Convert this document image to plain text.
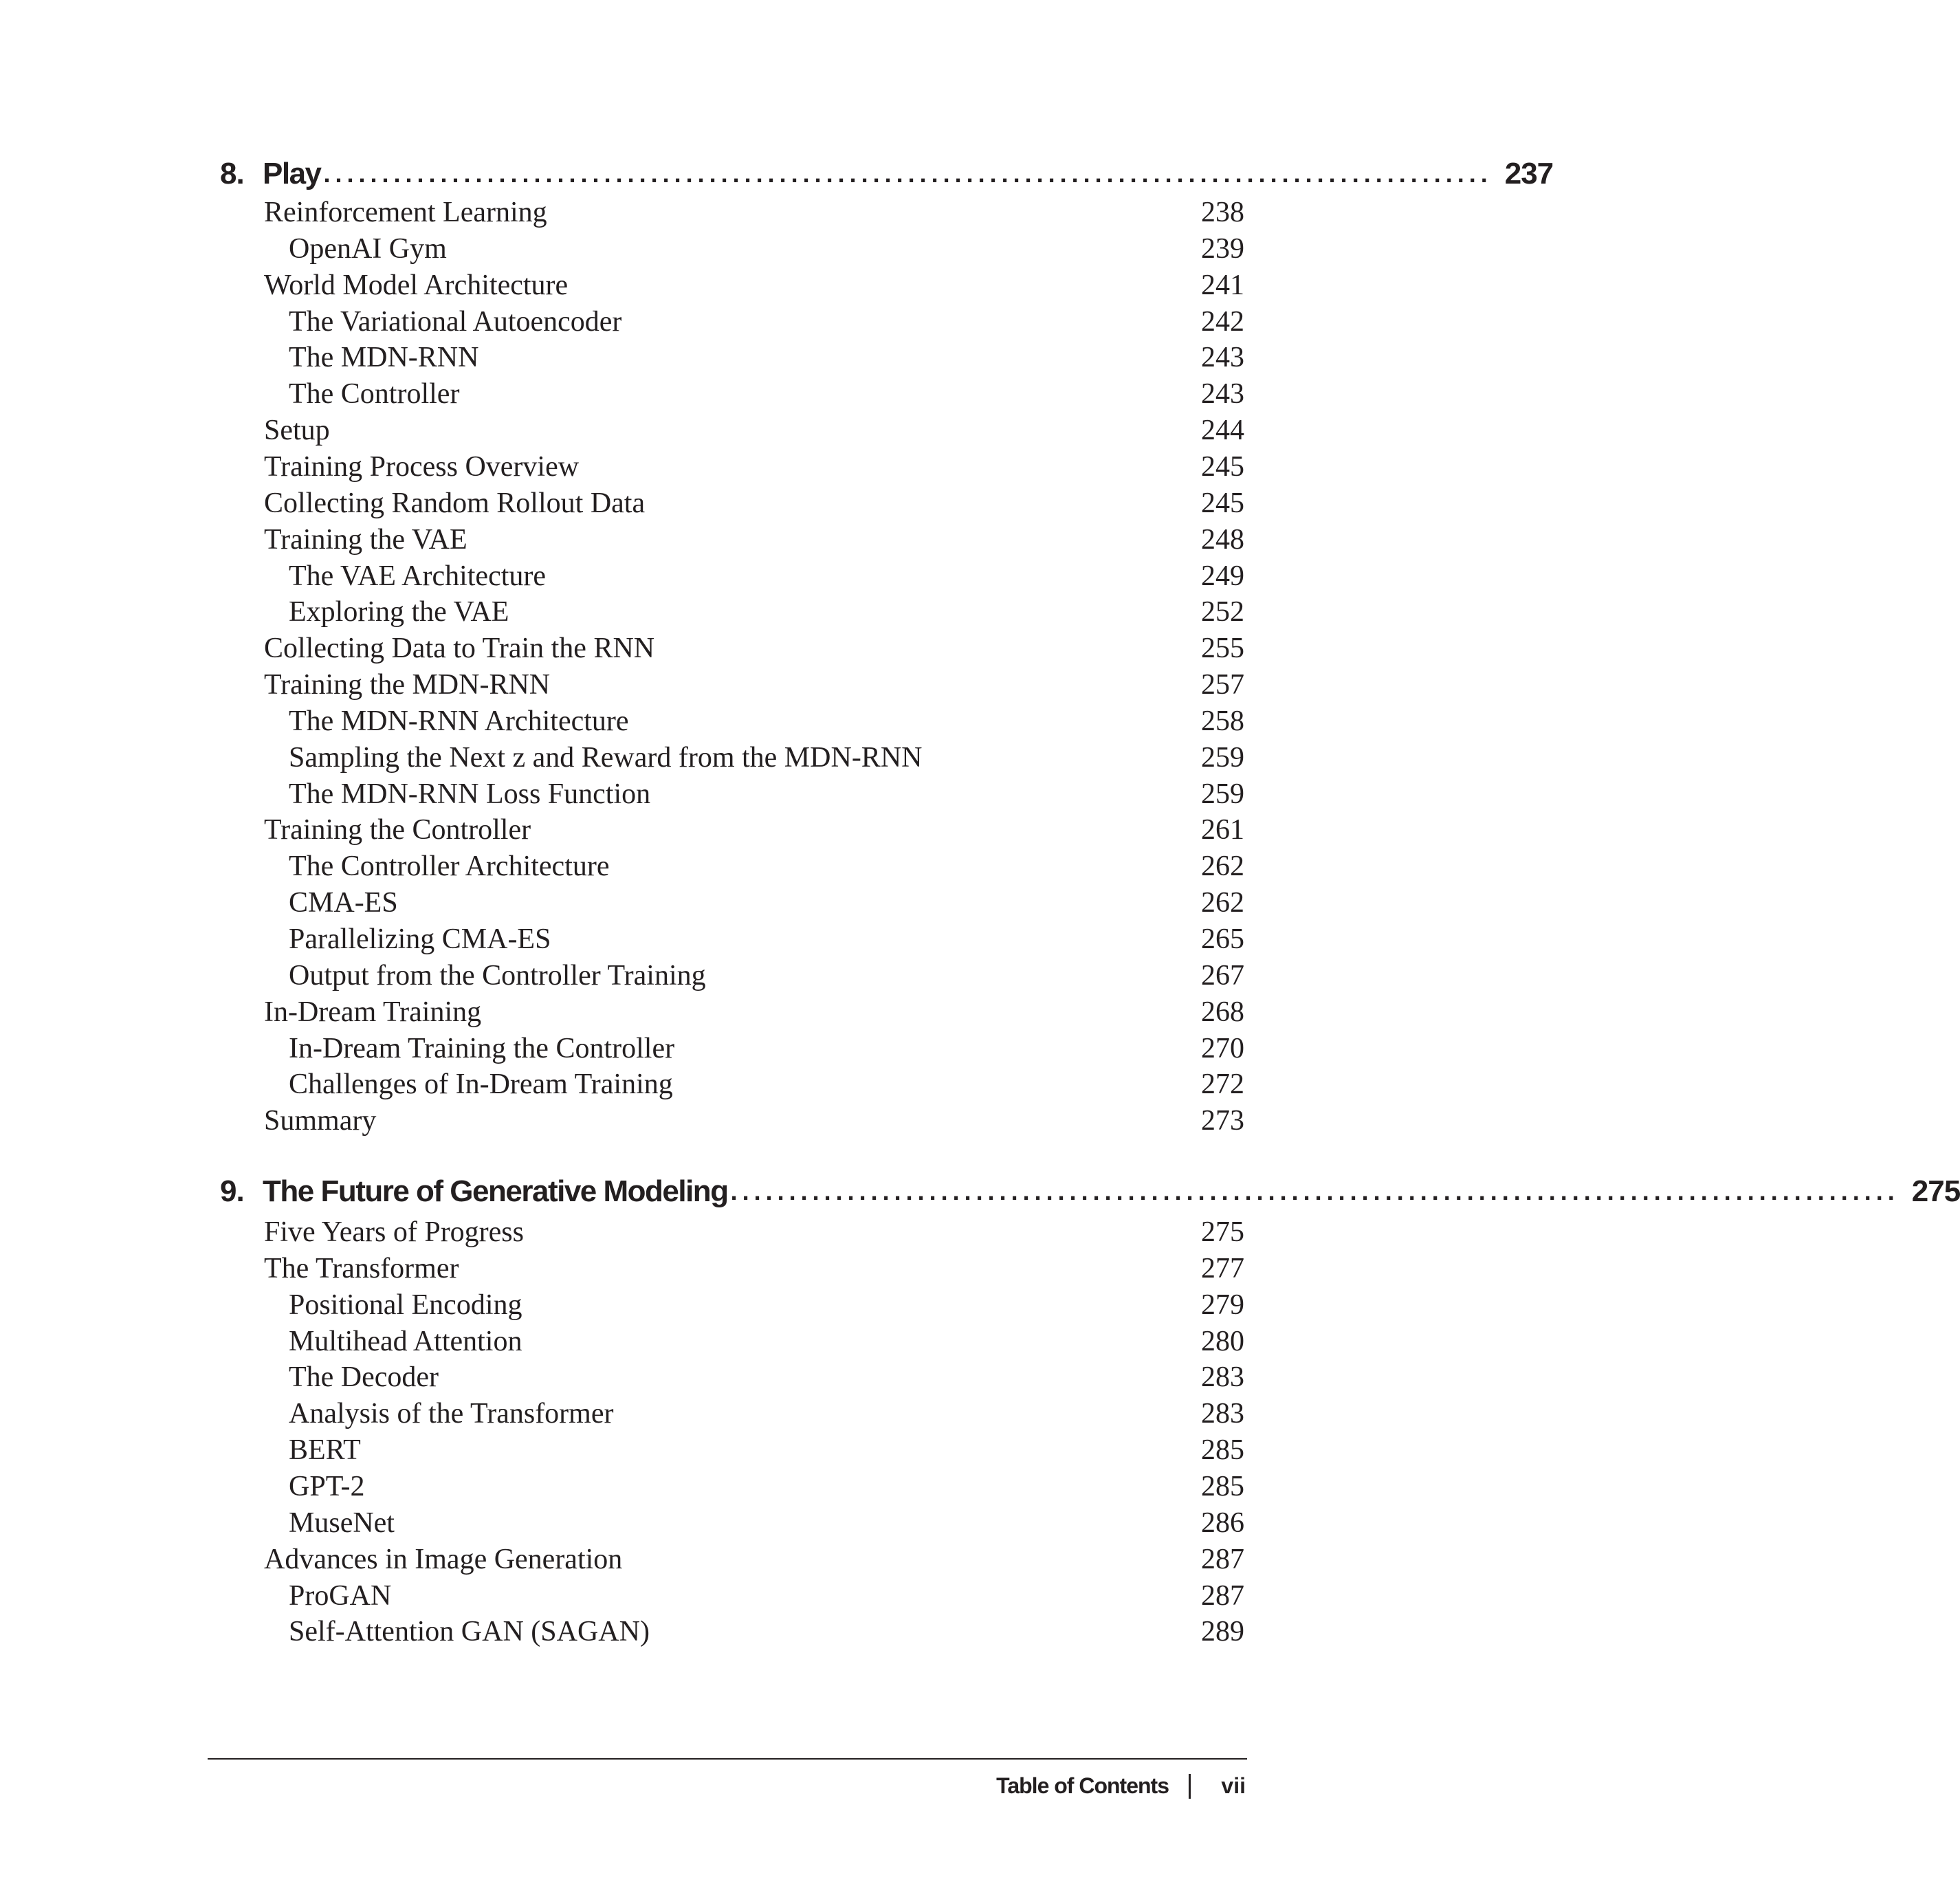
8. Play .................................................................................................... 237
Reinforcement Learning	238
OpenAI Gym	239
World Model Architecture	241
The Variational Autoencoder	242
The MDN-RNN	243
The Controller	243
Setup	244
Training Process Overview	245
Collecting Random Rollout Data	245
Training the VAE	248
The VAE Architecture	249
Exploring the VAE	252
Collecting Data to Train the RNN	255
Training the MDN-RNN	257
The MDN-RNN Architecture	258
Sampling the Next z and Reward from the MDN-RNN	259
The MDN-RNN Loss Function	259
Training the Controller	261
The Controller Architecture	262
CMA-ES	262
Parallelizing CMA-ES	265
Output from the Controller Training	267
In-Dream Training	268
In-Dream Training the Controller	270
Challenges of In-Dream Training	272
Summary	273
9. The Future of Generative Modeling .................................................................................................... 275
Five Years of Progress	275
The Transformer	277
Positional Encoding	279
Multihead Attention	280
The Decoder	283
Analysis of the Transformer	283
BERT	285
GPT-2	285
MuseNet	286
Advances in Image Generation	287
ProGAN	287
Self-Attention GAN (SAGAN)	289
Table of Contents vii
